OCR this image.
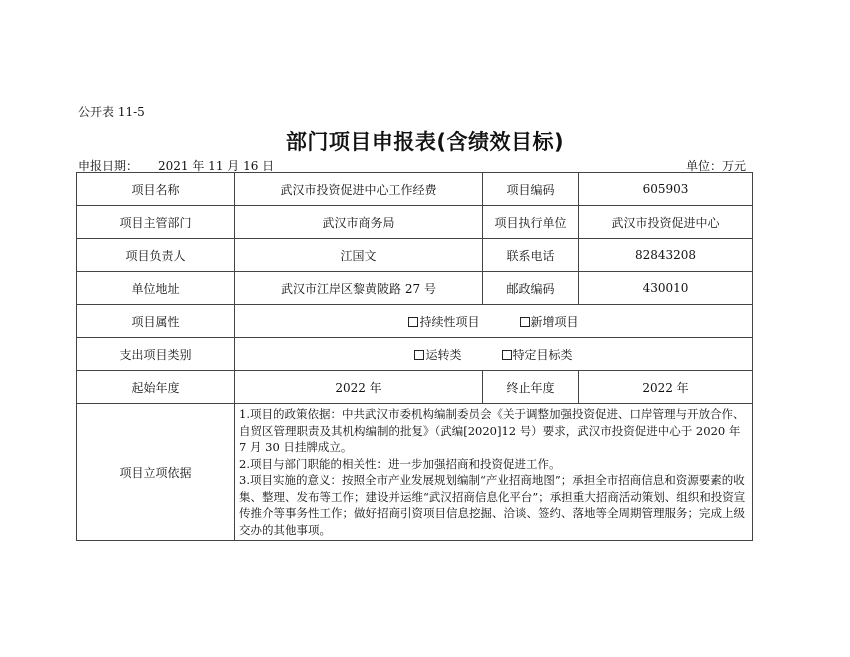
公开表 11-5
部门项目申报表(含绩效目标)
申报日期： 2021 年 11 月 16 日	单位：万元
项目名称	武汉市投资促进中心工作经费	项目编码	605903
项目主管部门	武汉市商务局	项目执行单位	武汉市投资促进中心
项目负责人	江国文	联系电话	82843208
单位地址	武汉市江岸区黎黄陂路 27 号	邮政编码	430010
项目属性	持续性项目 新增项目		
支出项目类别	运转类 特定目标类		
起始年度	2022 年	终止年度	2022 年
项目立项依据	1.项目的政策依据：中共武汉市委机构编制委员会《关于调整加强投资促进、口岸管理与开放合作、自贸区管理职责及其机构编制的批复》（武编[2020]12 号）要求，武汉市投资促进中心于 2020 年 7 月 30 日挂牌成立。
2.项目与部门职能的相关性：进一步加强招商和投资促进工作。
3.项目实施的意义：按照全市产业发展规划编制“产业招商地图”；承担全市招商信息和资源要素的收集、整理、发布等工作；建设并运维“武汉招商信息化平台”；承担重大招商活动策划、组织和投资宣传推介等事务性工作；做好招商引资项目信息挖掘、洽谈、签约、落地等全周期管理服务；完成上级交办的其他事项。		
